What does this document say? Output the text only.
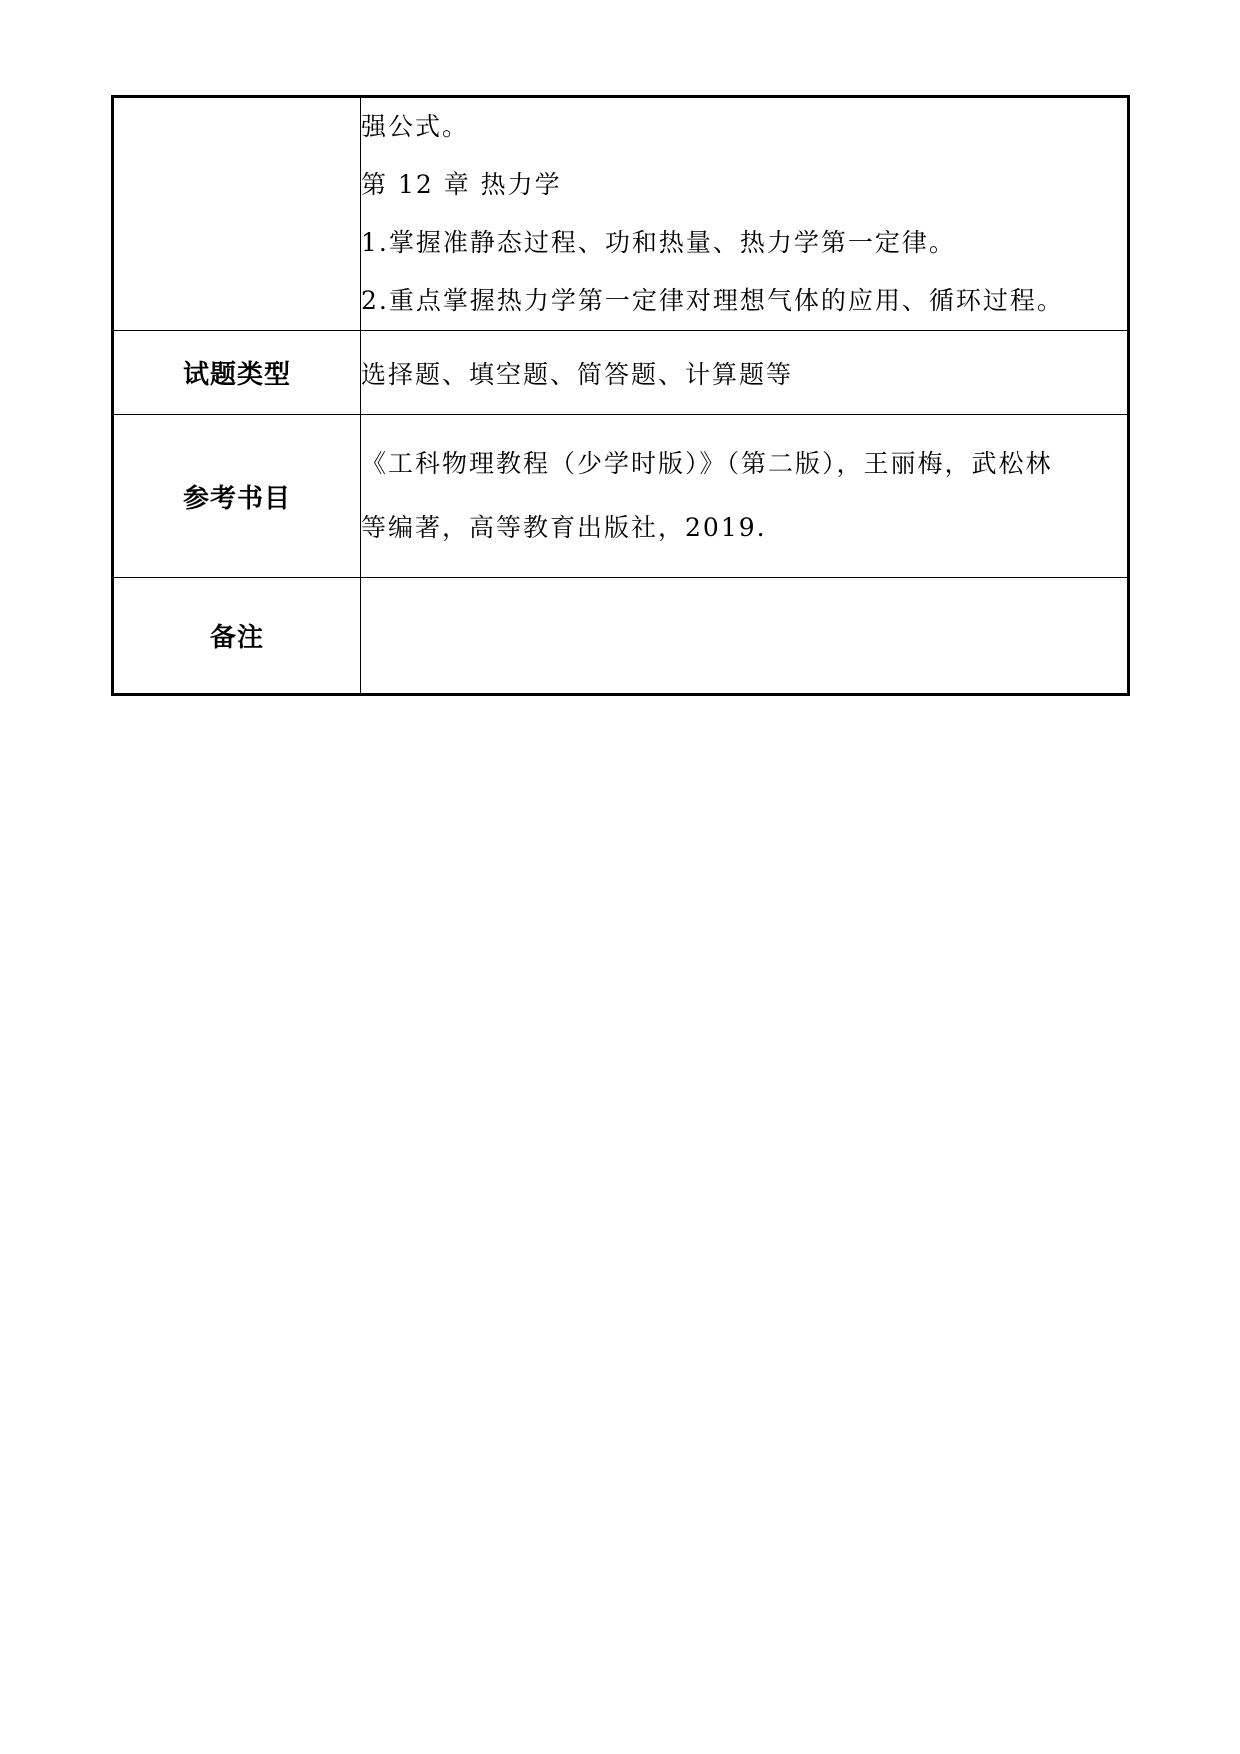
	强公式。
第 12 章 热力学
1.掌握准静态过程、功和热量、热力学第一定律。
2.重点掌握热力学第一定律对理想气体的应用、循环过程。

试题类型	选择题、填空题、简答题、计算题等

参考书目	《工科物理教程（少学时版）》（第二版），王丽梅，武松林
等编著，高等教育出版社，2019.

备注	
